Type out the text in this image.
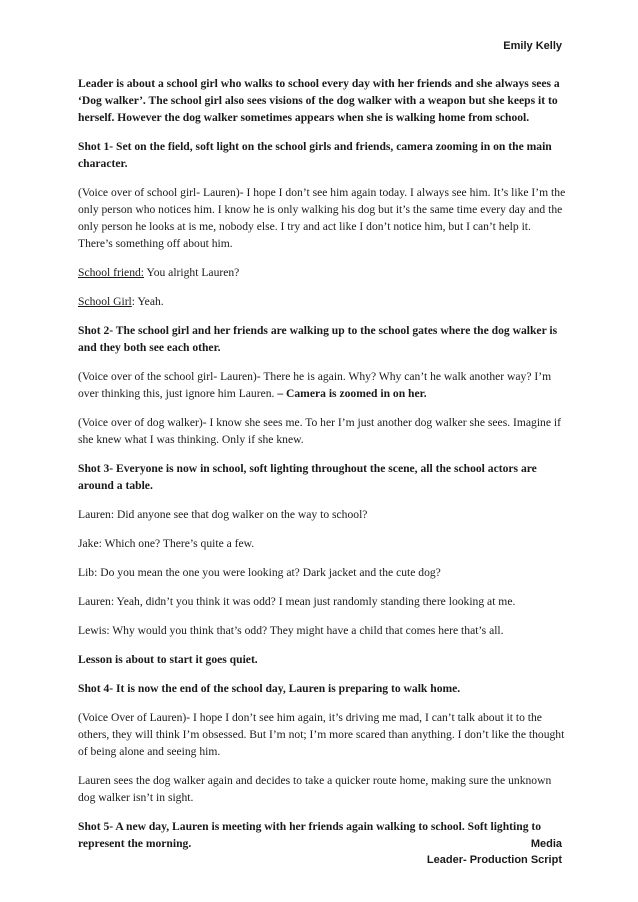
Emily Kelly

Leader is about a school girl who walks to school every day with her friends and she always sees a ‘Dog walker’. The school girl also sees visions of the dog walker with a weapon but she keeps it to herself. However the dog walker sometimes appears when she is walking home from school.

Shot 1- Set on the field, soft light on the school girls and friends, camera zooming in on the main character.

(Voice over of school girl- Lauren)- I hope I don’t see him again today. I always see him. It’s like I’m the only person who notices him. I know he is only walking his dog but it’s the same time every day and the only person he looks at is me, nobody else. I try and act like I don’t notice him, but I can’t help it. There’s something off about him.

School friend: You alright Lauren?

School Girl: Yeah.

Shot 2- The school girl and her friends are walking up to the school gates where the dog walker is and they both see each other.

(Voice over of the school girl- Lauren)- There he is again. Why? Why can’t he walk another way? I’m over thinking this, just ignore him Lauren. – Camera is zoomed in on her.

(Voice over of dog walker)- I know she sees me. To her I’m just another dog walker she sees. Imagine if she knew what I was thinking. Only if she knew.

Shot 3- Everyone is now in school, soft lighting throughout the scene, all the school actors are around a table.

Lauren: Did anyone see that dog walker on the way to school?

Jake: Which one? There’s quite a few.

Lib: Do you mean the one you were looking at? Dark jacket and the cute dog?

Lauren: Yeah, didn’t you think it was odd? I mean just randomly standing there looking at me.

Lewis: Why would you think that’s odd? They might have a child that comes here that’s all.

Lesson is about to start it goes quiet.

Shot 4- It is now the end of the school day, Lauren is preparing to walk home.

(Voice Over of Lauren)- I hope I don’t see him again, it’s driving me mad, I can’t talk about it to the others, they will think I’m obsessed. But I’m not; I’m more scared than anything. I don’t like the thought of being alone and seeing him.

Lauren sees the dog walker again and decides to take a quicker route home, making sure the unknown dog walker isn’t in sight.

Shot 5- A new day, Lauren is meeting with her friends again walking to school. Soft lighting to represent the morning.	Media
Leader- Production Script
